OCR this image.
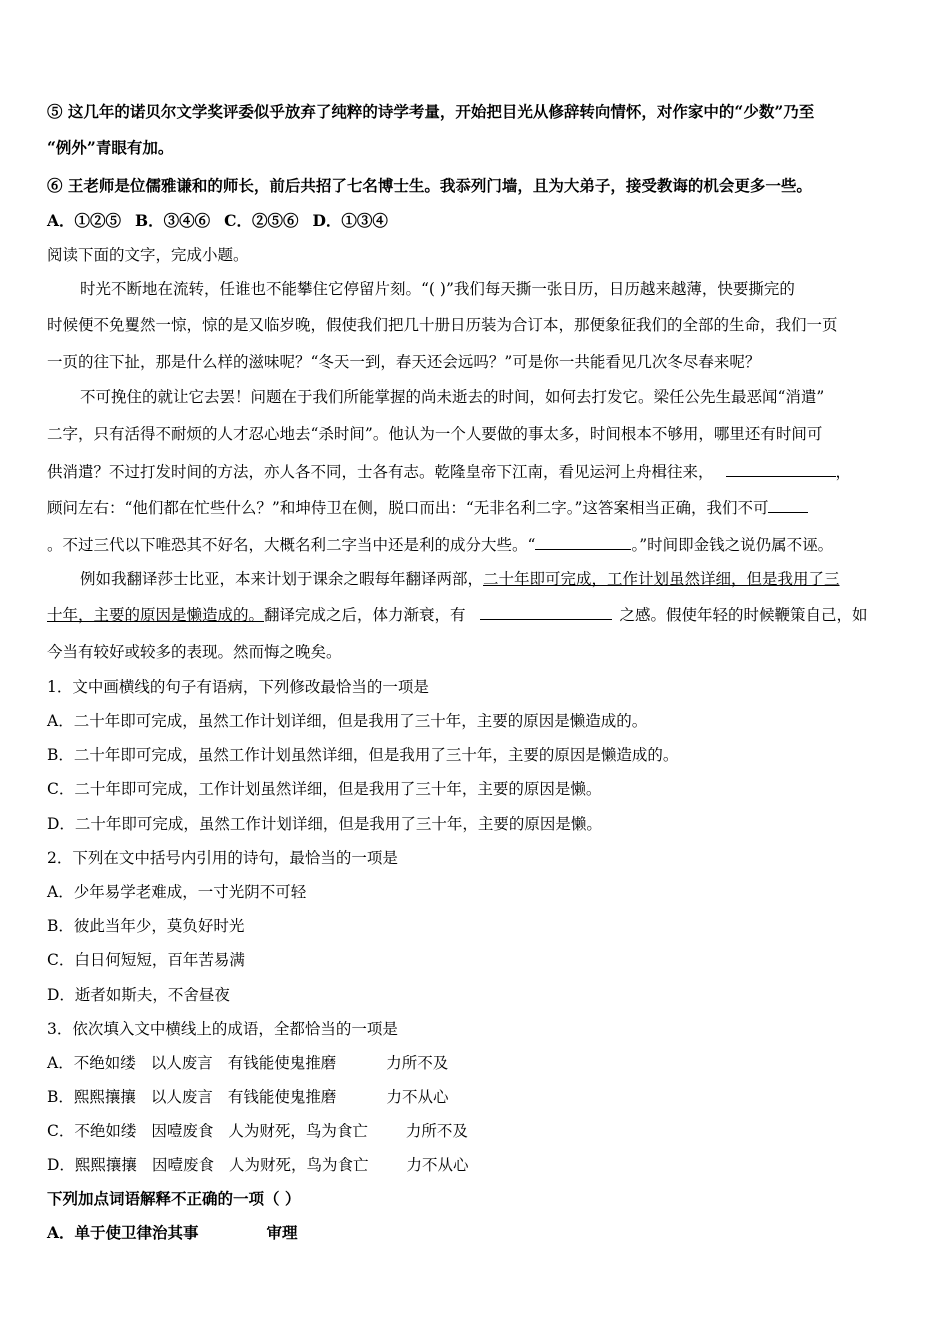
⑤ 这几年的诺贝尔文学奖评委似乎放弃了纯粹的诗学考量，开始把目光从修辞转向情怀，对作家中的“少数”乃至
“例外”青眼有加。
⑥ 王老师是位儒雅谦和的师长，前后共招了七名博士生。我忝列门墙，且为大弟子，接受教诲的机会更多一些。
A．①②⑤ B．③④⑥ C．②⑤⑥ D．①③④
阅读下面的文字，完成小题。
时光不断地在流转，任谁也不能攀住它停留片刻。“( )”我们每天撕一张日历，日历越来越薄，快要撕完的
时候便不免矍然一惊，惊的是又临岁晚，假使我们把几十册日历装为合订本，那便象征我们的全部的生命，我们一页
一页的往下扯，那是什么样的滋味呢？“冬天一到，春天还会远吗？”可是你一共能看见几次冬尽春来呢？
不可挽住的就让它去罢！问题在于我们所能掌握的尚未逝去的时间，如何去打发它。梁任公先生最恶闻“消遣”
二字，只有活得不耐烦的人才忍心地去“杀时间”。他认为一个人要做的事太多，时间根本不够用，哪里还有时间可
供消遣？不过打发时间的方法，亦人各不同，士各有志。乾隆皇帝下江南，看见运河上舟楫往来，	，
顾问左右：“他们都在忙些什么？”和坤侍卫在侧，脱口而出：“无非名利二字。”这答案相当正确，我们不可
。不过三代以下唯恐其不好名，大概名利二字当中还是利的成分大些。“	。”时间即金钱之说仍属不诬。
例如我翻译莎士比亚，本来计划于课余之暇每年翻译两部，二十年即可完成，工作计划虽然详细，但是我用了三
十年，主要的原因是懒造成的。翻译完成之后，体力渐衰，有	之感。假使年轻的时候鞭策自己，如
今当有较好或较多的表现。然而悔之晚矣。
1．文中画横线的句子有语病，下列修改最恰当的一项是
A．二十年即可完成，虽然工作计划详细，但是我用了三十年，主要的原因是懒造成的。
B．二十年即可完成，虽然工作计划虽然详细，但是我用了三十年，主要的原因是懒造成的。
C．二十年即可完成，工作计划虽然详细，但是我用了三十年，主要的原因是懒。
D．二十年即可完成，虽然工作计划详细，但是我用了三十年，主要的原因是懒。
2．下列在文中括号内引用的诗句，最恰当的一项是
A．少年易学老难成，一寸光阴不可轻
B．彼此当年少，莫负好时光
C．白日何短短，百年苦易满
D．逝者如斯夫，不舍昼夜
3．依次填入文中横线上的成语，全都恰当的一项是
A．不绝如缕 以人废言 有钱能使鬼推磨	力所不及
B．熙熙攘攘 以人废言 有钱能使鬼推磨	力不从心
C．不绝如缕 因噎废食 人为财死，鸟为食亡 力所不及
D．熙熙攘攘 因噎废食 人为财死，鸟为食亡 力不从心
下列加点词语解释不正确的一项（ ）
A．单于使卫律治其事	审理
